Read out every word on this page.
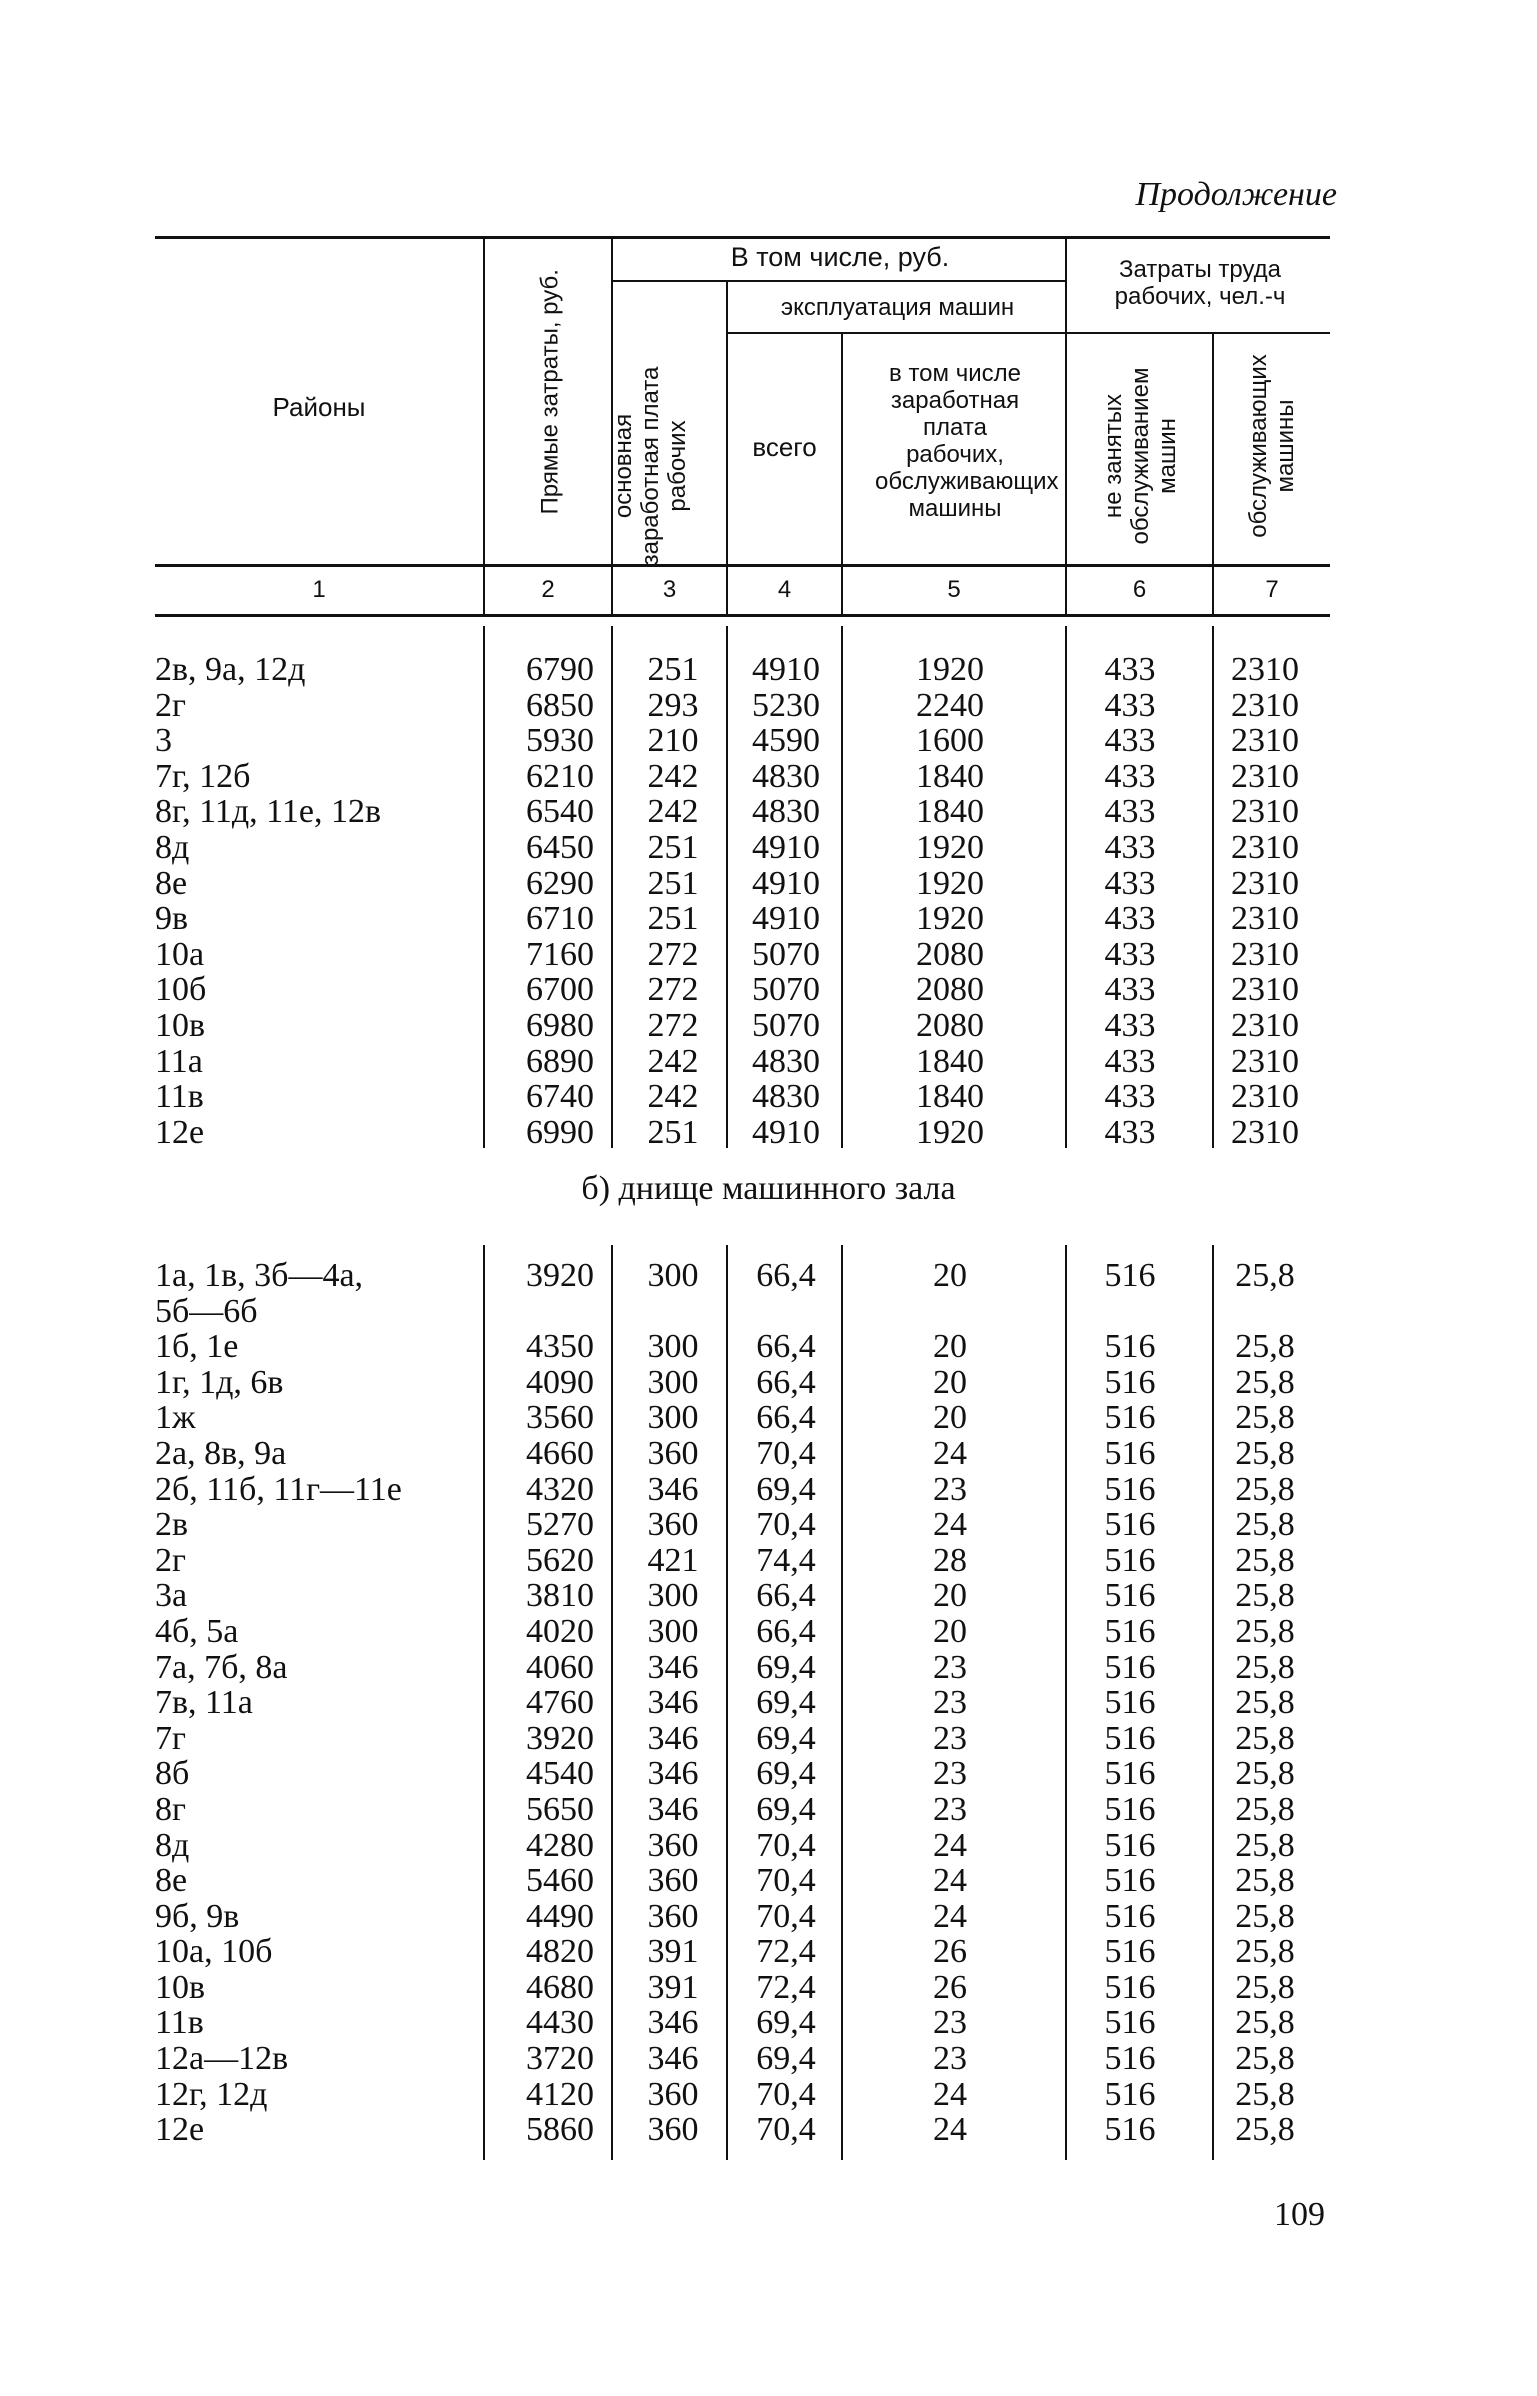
Продолжение
Районы	Прямые затраты, руб.
В том числе, руб.
основная заработная плата рабочих
эксплуатация машин
всего
в том числе заработная плата рабочих, обслуживающих машины
Затраты труда рабочих, чел.-ч
не занятых обслуживанием машин	обслуживающих машины
1	2	3	4	5	6	7
2в, 9а, 12д	6790	251	4910	1920	433	2310
2г	6850	293	5230	2240	433	2310
3	5930	210	4590	1600	433	2310
7г, 12б	6210	242	4830	1840	433	2310
8г, 11д, 11е, 12в	6540	242	4830	1840	433	2310
8д	6450	251	4910	1920	433	2310
8е	6290	251	4910	1920	433	2310
9в	6710	251	4910	1920	433	2310
10а	7160	272	5070	2080	433	2310
10б	6700	272	5070	2080	433	2310
10в	6980	272	5070	2080	433	2310
11а	6890	242	4830	1840	433	2310
11в	6740	242	4830	1840	433	2310
12е	6990	251	4910	1920	433	2310
б) днище машинного зала
1а, 1в, 3б—4а,	3920	300	66,4	20	516	25,8
5б—6б
1б, 1е	4350	300	66,4	20	516	25,8
1г, 1д, 6в	4090	300	66,4	20	516	25,8
1ж	3560	300	66,4	20	516	25,8
2а, 8в, 9а	4660	360	70,4	24	516	25,8
2б, 11б, 11г—11е	4320	346	69,4	23	516	25,8
2в	5270	360	70,4	24	516	25,8
2г	5620	421	74,4	28	516	25,8
3а	3810	300	66,4	20	516	25,8
4б, 5а	4020	300	66,4	20	516	25,8
7а, 7б, 8а	4060	346	69,4	23	516	25,8
7в, 11а	4760	346	69,4	23	516	25,8
7г	3920	346	69,4	23	516	25,8
8б	4540	346	69,4	23	516	25,8
8г	5650	346	69,4	23	516	25,8
8д	4280	360	70,4	24	516	25,8
8е	5460	360	70,4	24	516	25,8
9б, 9в	4490	360	70,4	24	516	25,8
10а, 10б	4820	391	72,4	26	516	25,8
10в	4680	391	72,4	26	516	25,8
11в	4430	346	69,4	23	516	25,8
12а—12в	3720	346	69,4	23	516	25,8
12г, 12д	4120	360	70,4	24	516	25,8
12е	5860	360	70,4	24	516	25,8
109
